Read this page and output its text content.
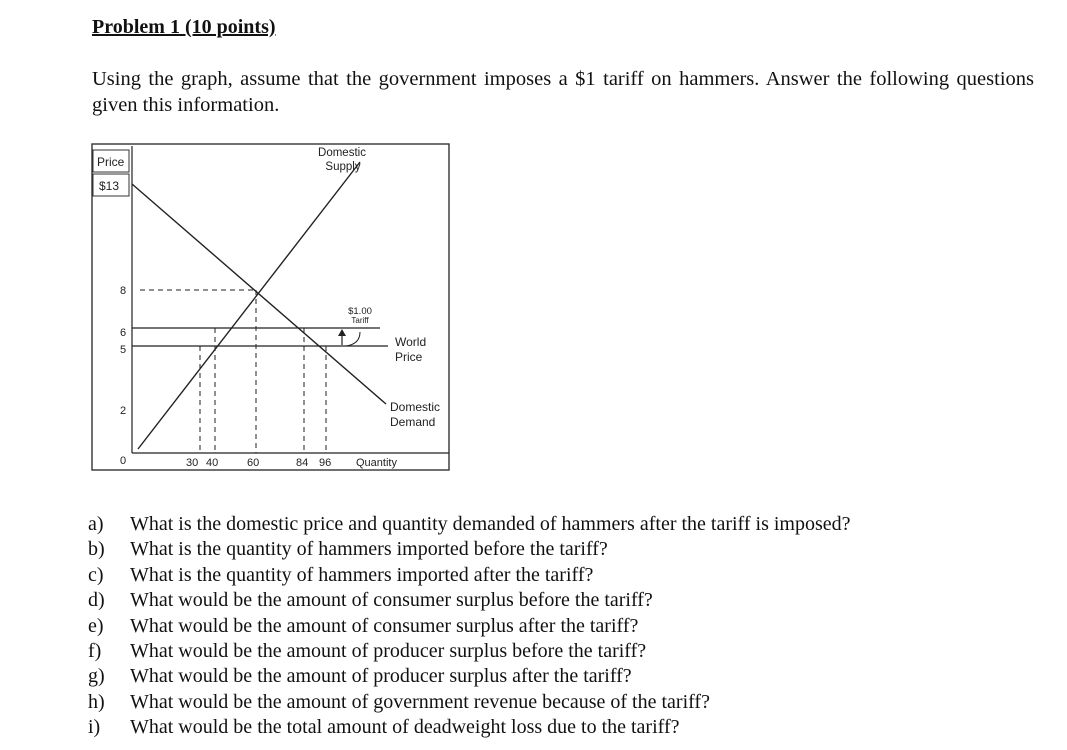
Problem 1 (10 points)

Using the graph, assume that the government imposes a $1 tariff on hammers. Answer the following questions given this information.

Price
$13
8
6
5
2
0	30 40	60	84 96 Quantity
Domestic
Supply
$1.00
Tariff
World
Price
Domestic
Demand
a)	What is the domestic price and quantity demanded of hammers after the tariff is imposed?
b)	What is the quantity of hammers imported before the tariff?
c)	What is the quantity of hammers imported after the tariff?
d)	What would be the amount of consumer surplus before the tariff?
e)	What would be the amount of consumer surplus after the tariff?
f)	What would be the amount of producer surplus before the tariff?
g)	What would be the amount of producer surplus after the tariff?
h)	What would be the amount of government revenue because of the tariff?
i)	What would be the total amount of deadweight loss due to the tariff?
